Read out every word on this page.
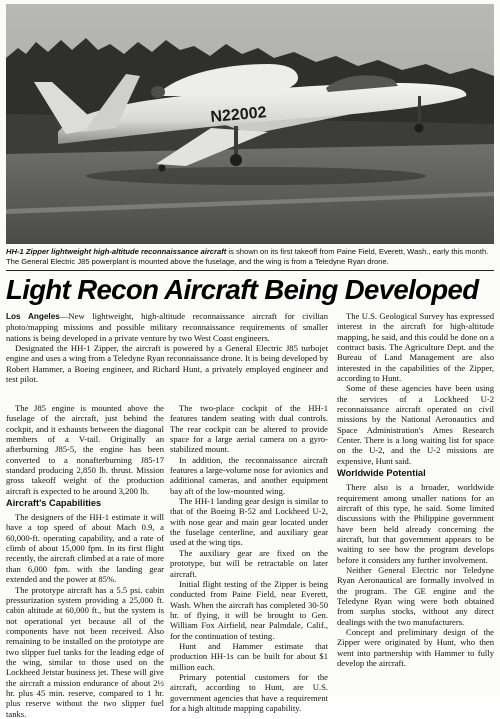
N22002
HH-1 Zipper lightweight high-altitude reconnaissance aircraft is shown on its first takeoff from Paine Field, Everett, Wash., early this month. The General Electric J85 powerplant is mounted above the fuselage, and the wing is from a Teledyne Ryan drone.
Light Recon Aircraft Being Developed

Los Angeles—New lightweight, high-altitude reconnaissance aircraft for civilian photo/mapping missions and possible military reconnaissance requirements of smaller nations is being developed in a private venture by two West Coast engineers.

Designated the HH-1 Zipper, the aircraft is powered by a General Electric J85 turbojet engine and uses a wing from a Teledyne Ryan reconnaissance drone. It is being developed by Robert Hammer, a Boeing engineer, and Richard Hunt, a privately employed engineer and test pilot.

The J85 engine is mounted above the fuselage of the aircraft, just behind the cockpit, and it exhausts between the diagonal members of a V-tail. Originally an afterburning J85-5, the engine has been converted to a nonafterburning J85-17 standard producing 2,850 lb. thrust. Mission gross takeoff weight of the production aircraft is expected to be around 3,200 lb.

Aircraft's Capabilities

The designers of the HH-1 estimate it will have a top speed of about Mach 0.9, a 60,000-ft. operating capability, and a rate of climb of about 15,000 fpm. In its first flight recently, the aircraft climbed at a rate of more than 6,000 fpm. with the landing gear extended and the power at 85%.

The prototype aircraft has a 5.5 psi. cabin pressurization system providing a 25,000 ft. cabin altitude at 60,000 ft., but the system is not operational yet because all of the components have not been received. Also remaining to be installed on the prototype are two slipper fuel tanks for the leading edge of the wing, similar to those used on the Lockheed Jetstar business jet. These will give the aircraft a mission endurance of about 2½ hr. plus 45 min. reserve, compared to 1 hr. plus reserve without the two slipper fuel tanks.

The two-place cockpit of the HH-1 features tandem seating with dual controls. The rear cockpit can be altered to provide space for a large aerial camera on a gyro-stabilized mount.

In addition, the reconnaissance aircraft features a large-volume nose for avionics and additional cameras, and another equipment bay aft of the low-mounted wing.

The HH-1 landing gear design is similar to that of the Boeing B-52 and Lockheed U-2, with nose gear and main gear located under the fuselage centerline, and auxiliary gear used at the wing tips.

The auxiliary gear are fixed on the prototype, but will be retractable on later aircraft.

Initial flight testing of the Zipper is being conducted from Paine Field, near Everett, Wash. When the aircraft has completed 30-50 hr. of flying, it will be brought to Gen. William Fox Airfield, near Palmdale, Calif., for the continuation of testing.

Hunt and Hammer estimate that production HH-1s can be built for about $1 million each.

Primary potential customers for the aircraft, according to Hunt, are U.S. government agencies that have a requirement for a high altitude mapping capability.

The U.S. Geological Survey has expressed interest in the aircraft for high-altitude mapping, he said, and this could be done on a contract basis. The Agriculture Dept. and the Bureau of Land Management are also interested in the capabilities of the Zipper, according to Hunt.

Some of these agencies have been using the services of a Lockheed U-2 reconnaissance aircraft operated on civil missions by the National Aeronautics and Space Administration's Ames Research Center. There is a long waiting list for space on the U-2, and the U-2 missions are expensive, Hunt said.

Worldwide Potential

There also is a broader, worldwide requirement among smaller nations for an aircraft of this type, he said. Some limited discussions with the Philippine government have been held already concerning the aircraft, but that government appears to be waiting to see how the program develops before it considers any further involvement.

Neither General Electric nor Teledyne Ryan Aeronautical are formally involved in the program. The GE engine and the Teledyne Ryan wing were both obtained from surplus stocks, without any direct dealings with the two manufacturers.

Concept and preliminary design of the Zipper were originated by Hunt, who then went into partnership with Hammer to fully develop the aircraft.
